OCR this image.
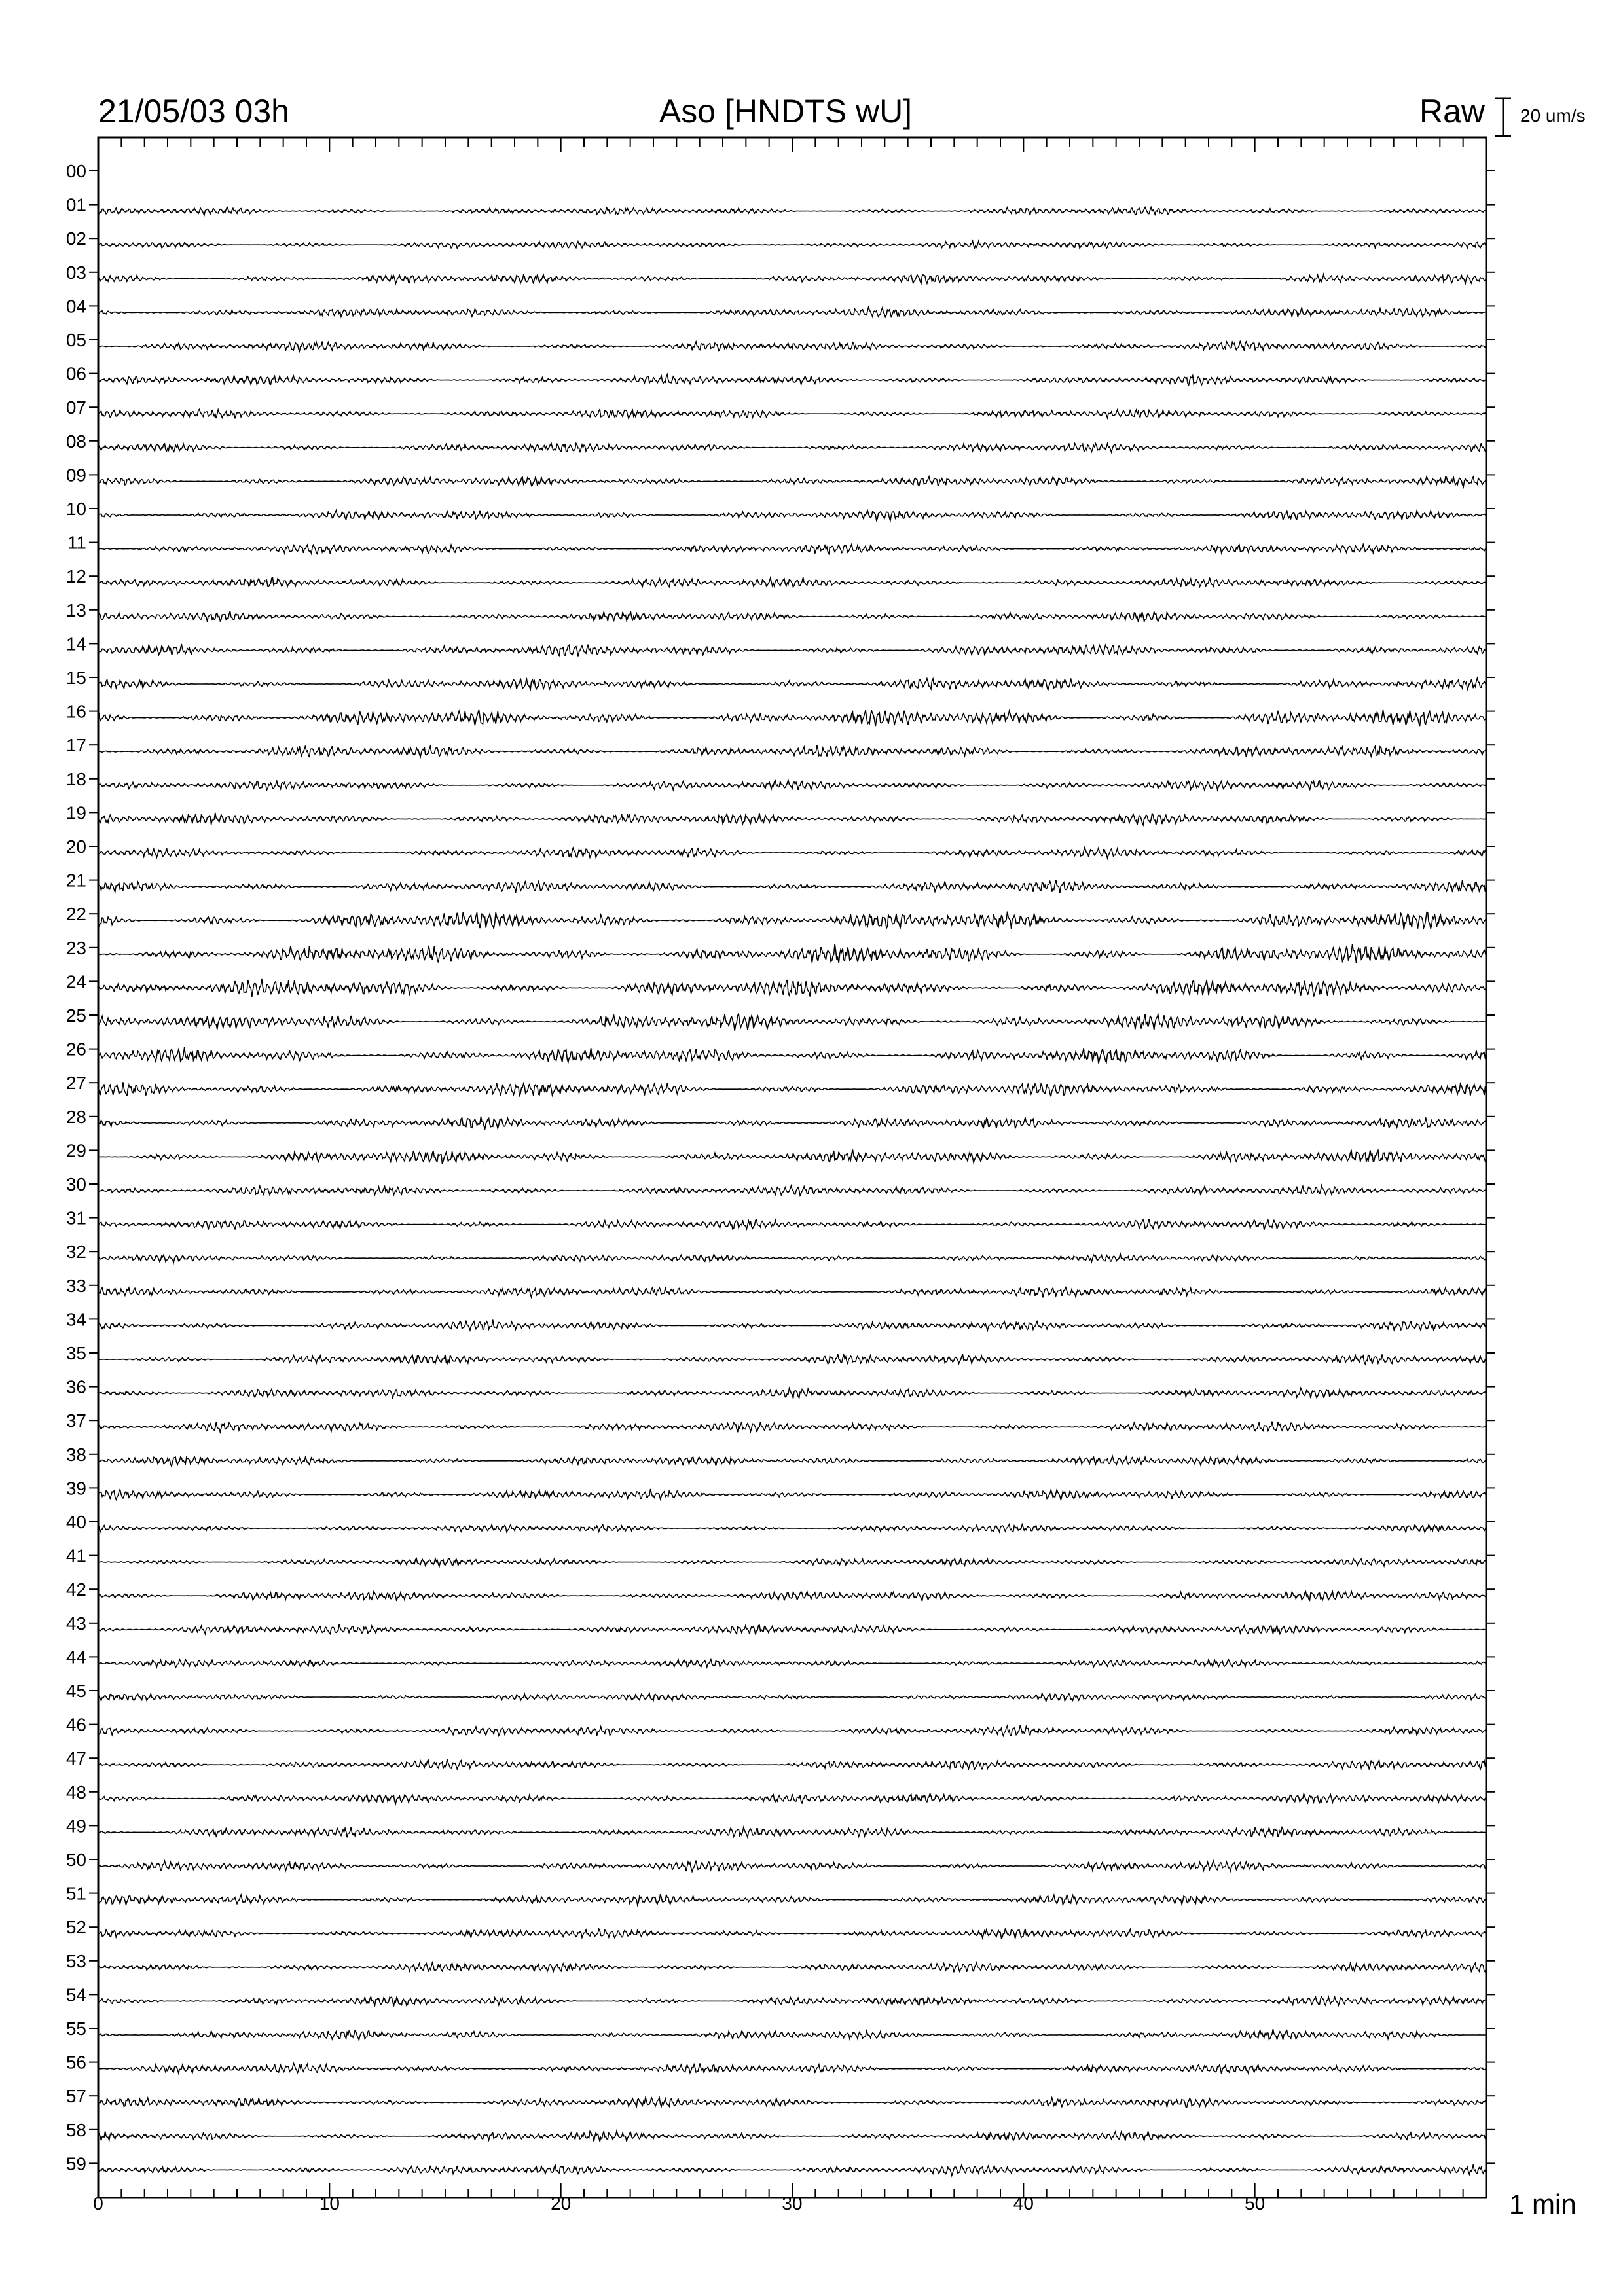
21/05/03 03h	Aso [HNDTS wU]	Raw 20 um/s
00
01
02
03
04
05
06
07
08
09
10
11
12
13
14
15
16
17
18
19
20
21
22
23
24
25
26
27
28
29
30
31
32
33
34
35
36
37
38
39
40
41
42
43
44
45
46
47
48
49
50
51
52
53
54
55
56
57
58
59
0	10	20	30	40	50	1 min
